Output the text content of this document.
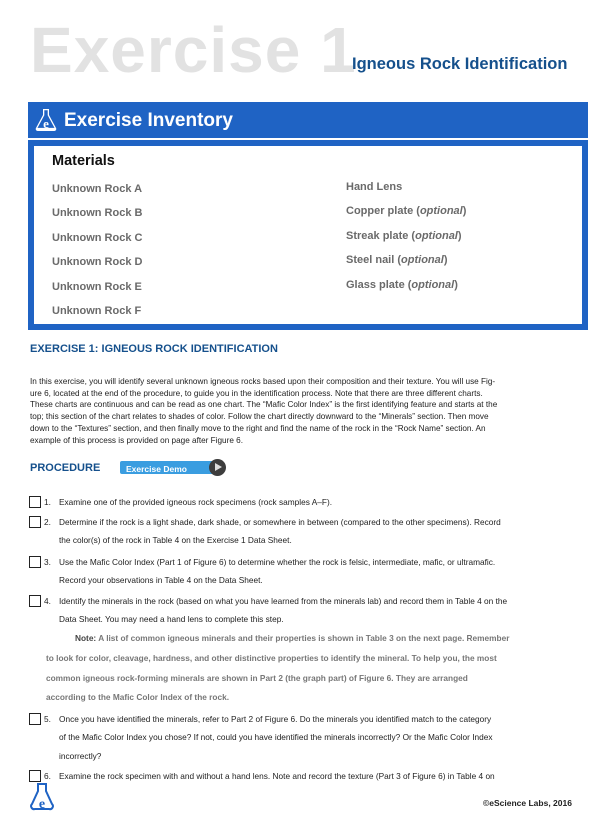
Exercise 1
Igneous Rock Identification
e Exercise Inventory
Materials
Unknown Rock A
Unknown Rock B
Unknown Rock C
Unknown Rock D
Unknown Rock E
Unknown Rock F
Hand Lens
Copper plate (optional)
Streak plate (optional)
Steel nail (optional)
Glass plate (optional)
EXERCISE 1: IGNEOUS ROCK IDENTIFICATION
In this exercise, you will identify several unknown igneous rocks based upon their composition and their texture. You will use Fig-
ure 6, located at the end of the procedure, to guide you in the identification process. Note that there are three different charts.
These charts are continuous and can be read as one chart. The “Mafic Color Index” is the first identifying feature and starts at the
top; this section of the chart relates to shades of color. Follow the chart directly downward to the “Minerals” section. Then move
down to the “Textures” section, and then finally move to the right and find the name of the rock in the “Rock Name” section. An
example of this process is provided on page after Figure 6.
PROCEDURE	Exercise Demo
1. Examine one of the provided igneous rock specimens (rock samples A–F).
2. Determine if the rock is a light shade, dark shade, or somewhere in between (compared to the other specimens). Record
the color(s) of the rock in Table 4 on the Exercise 1 Data Sheet.
3. Use the Mafic Color Index (Part 1 of Figure 6) to determine whether the rock is felsic, intermediate, mafic, or ultramafic.
Record your observations in Table 4 on the Data Sheet.
4. Identify the minerals in the rock (based on what you have learned from the minerals lab) and record them in Table 4 on the
Data Sheet. You may need a hand lens to complete this step.
Note: A list of common igneous minerals and their properties is shown in Table 3 on the next page. Remember
to look for color, cleavage, hardness, and other distinctive properties to identify the mineral. To help you, the most
common igneous rock-forming minerals are shown in Part 2 (the graph part) of Figure 6. They are arranged
according to the Mafic Color Index of the rock.
5. Once you have identified the minerals, refer to Part 2 of Figure 6. Do the minerals you identified match to the category
of the Mafic Color Index you chose? If not, could you have identified the minerals incorrectly? Or the Mafic Color Index
incorrectly?
6. Examine the rock specimen with and without a hand lens. Note and record the texture (Part 3 of Figure 6) in Table 4 on
e	©eScience Labs, 2016
